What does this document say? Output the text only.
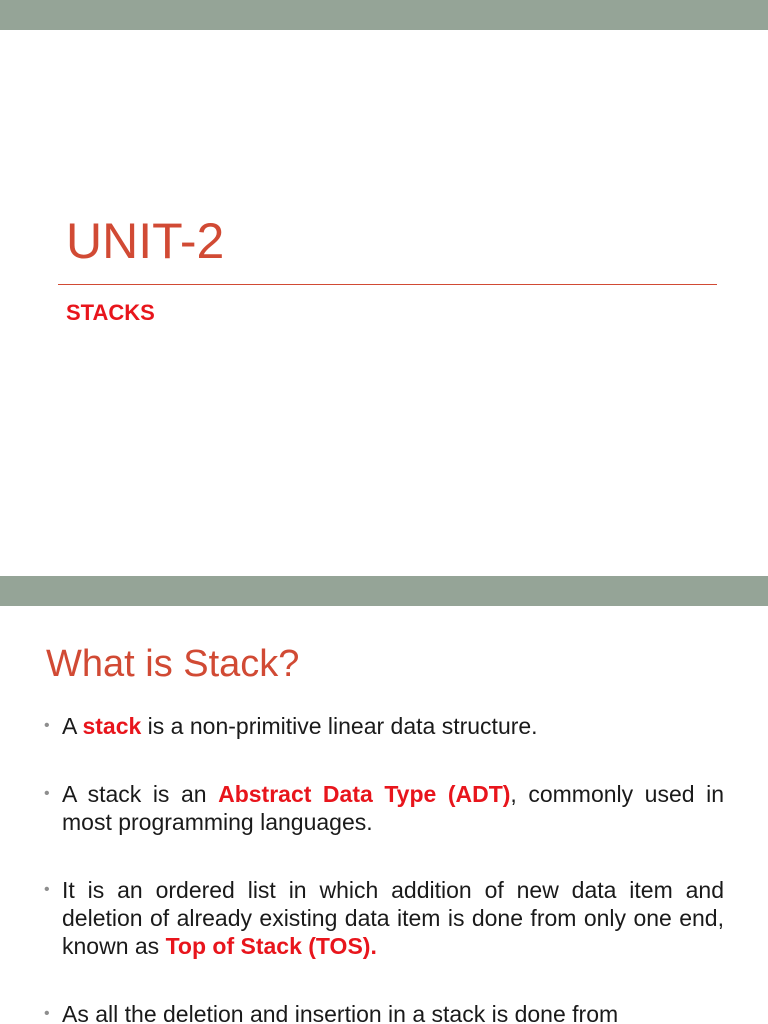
UNIT-2
STACKS
What is Stack?
• A stack is a non-primitive linear data structure.
• A stack is an Abstract Data Type (ADT), commonly used in most programming languages.
• It is an ordered list in which addition of new data item and deletion of already existing data item is done from only one end, known as Top of Stack (TOS).
• As all the deletion and insertion in a stack is done from
